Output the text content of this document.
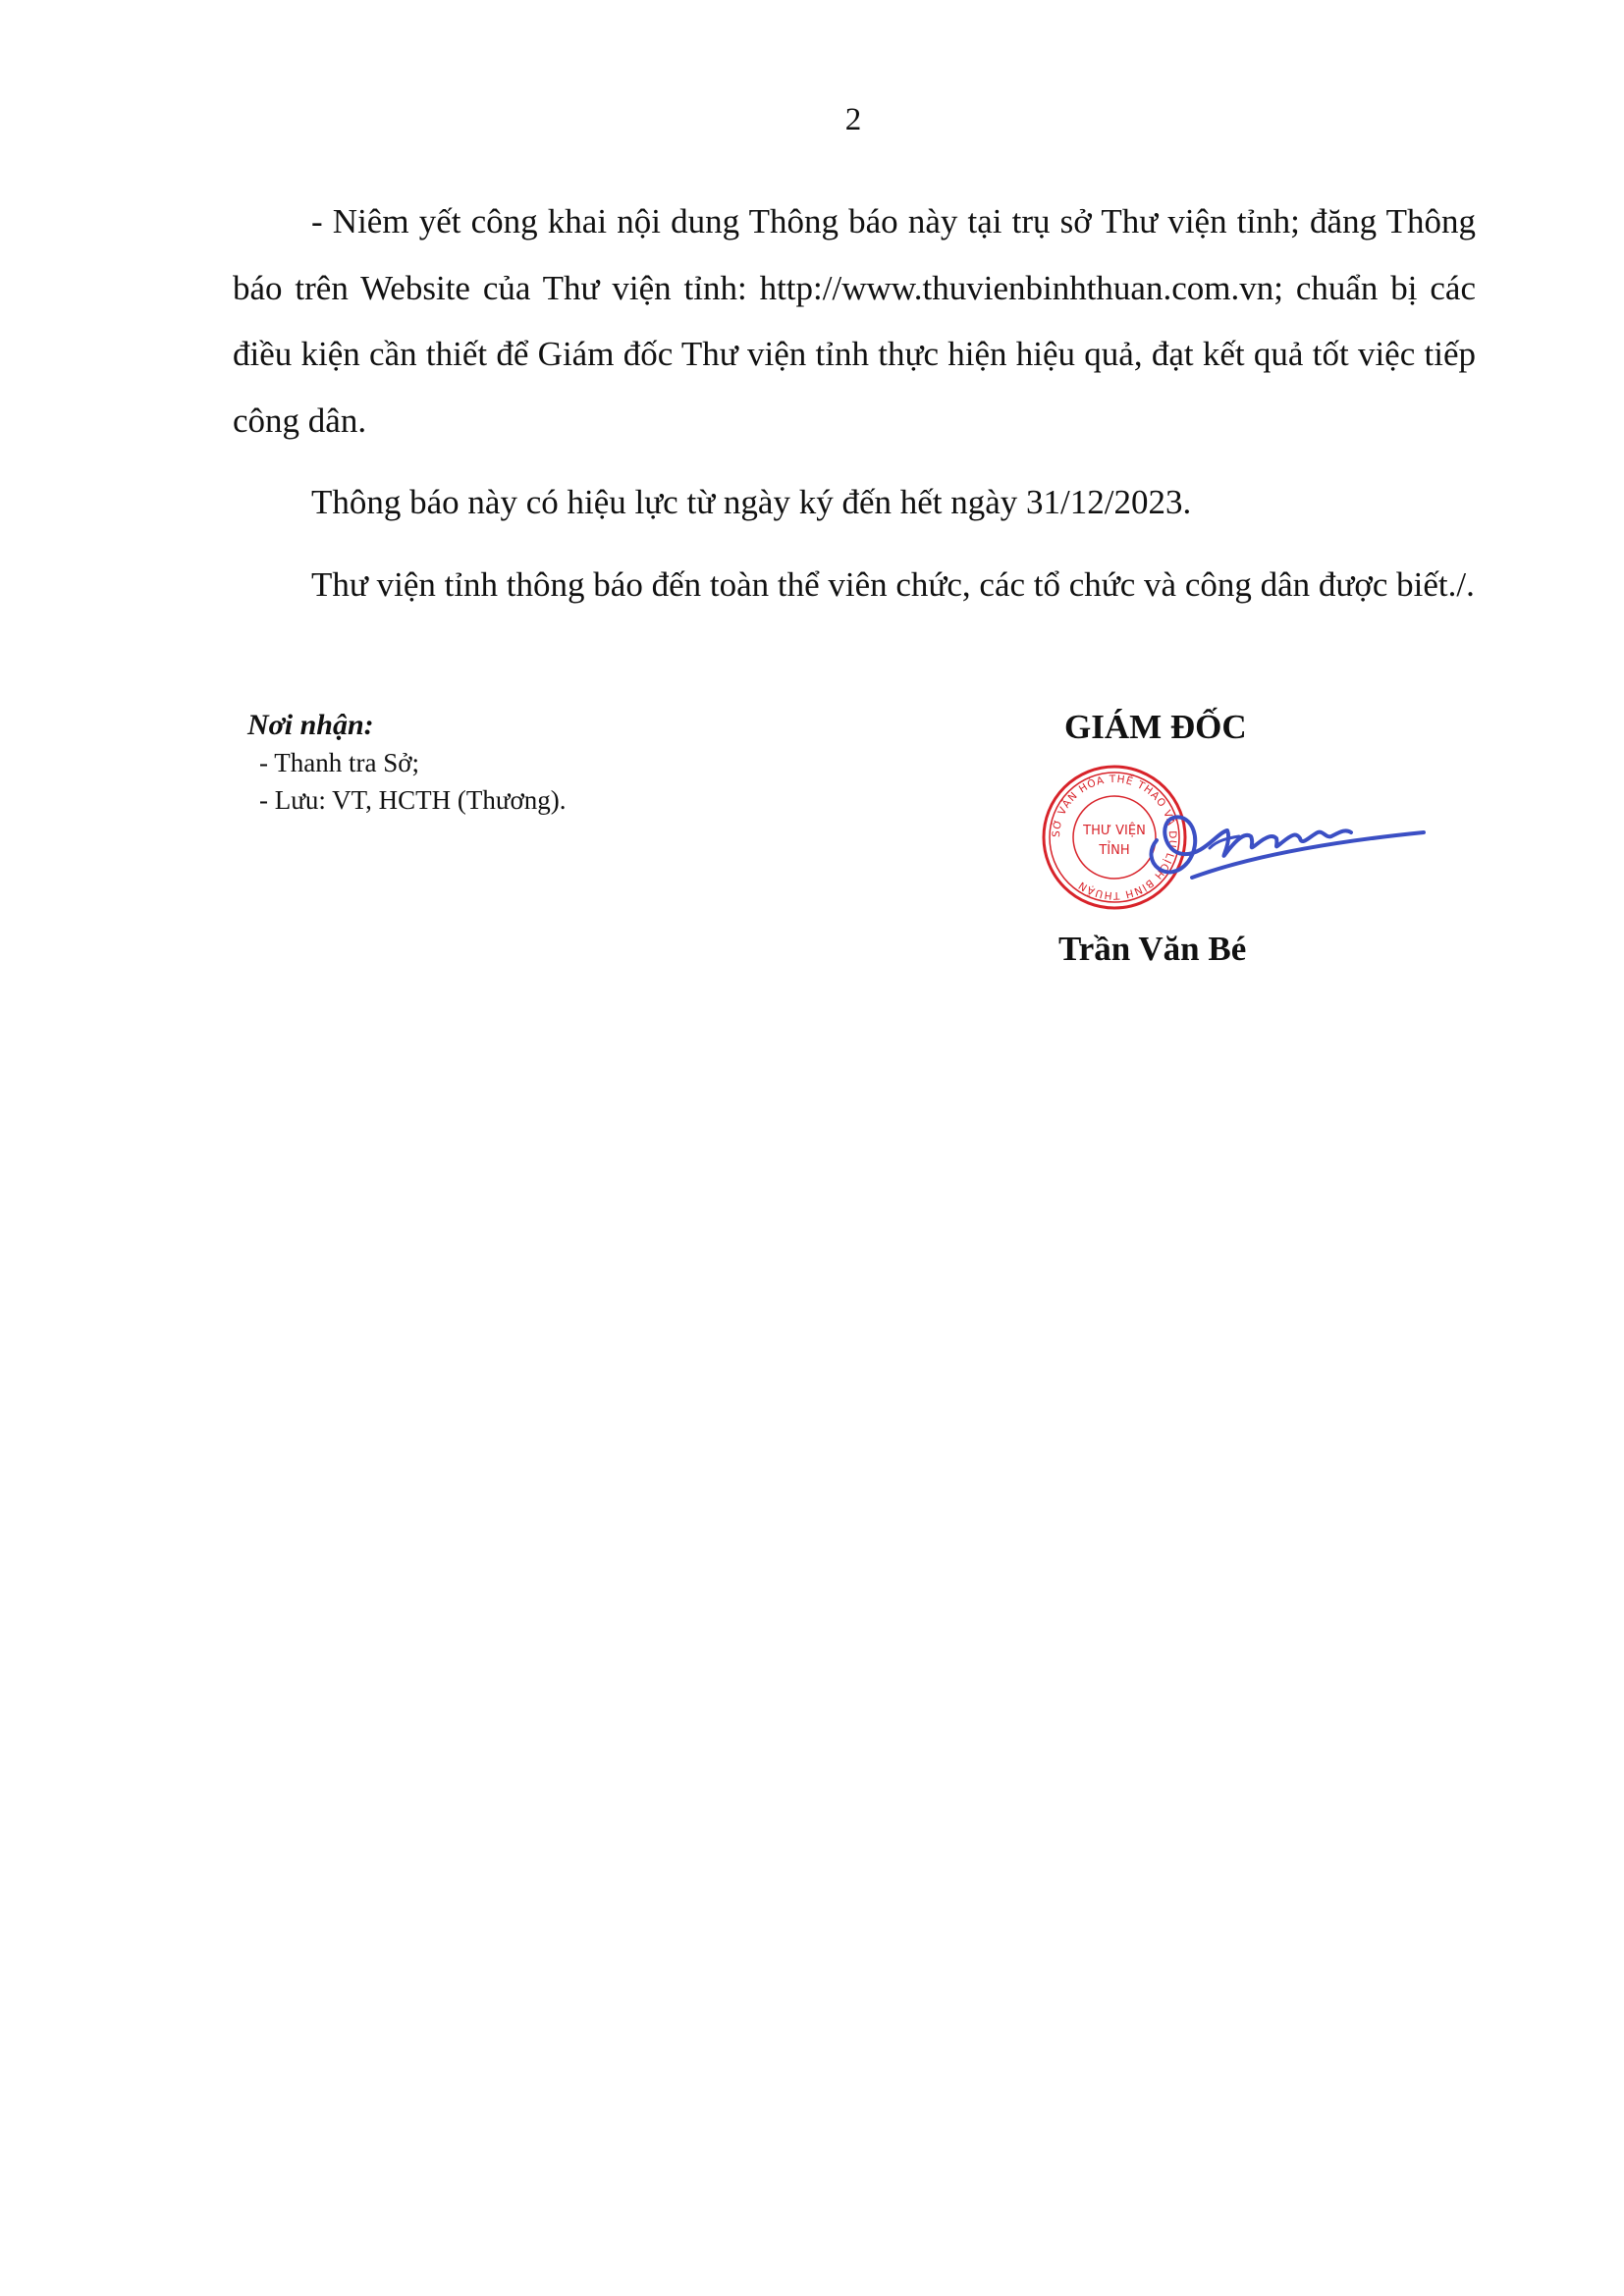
2

- Niêm yết công khai nội dung Thông báo này tại trụ sở Thư viện tỉnh; đăng Thông báo trên Website của Thư viện tỉnh: http://www.thuvienbinhthuan.com.vn; chuẩn bị các điều kiện cần thiết để Giám đốc Thư viện tỉnh thực hiện hiệu quả, đạt kết quả tốt việc tiếp công dân.

Thông báo này có hiệu lực từ ngày ký đến hết ngày 31/12/2023.

Thư viện tỉnh thông báo đến toàn thể viên chức, các tổ chức và công dân được biết./.

Nơi nhận:
- Thanh tra Sở;
- Lưu: VT, HCTH (Thương).
GIÁM ĐỐC
SỞ VĂN HÓA THỂ THAO VÀ DU LỊCH BÌNH THUẬN
THƯ VIỆN
TỈNH
Trần Văn Bé
